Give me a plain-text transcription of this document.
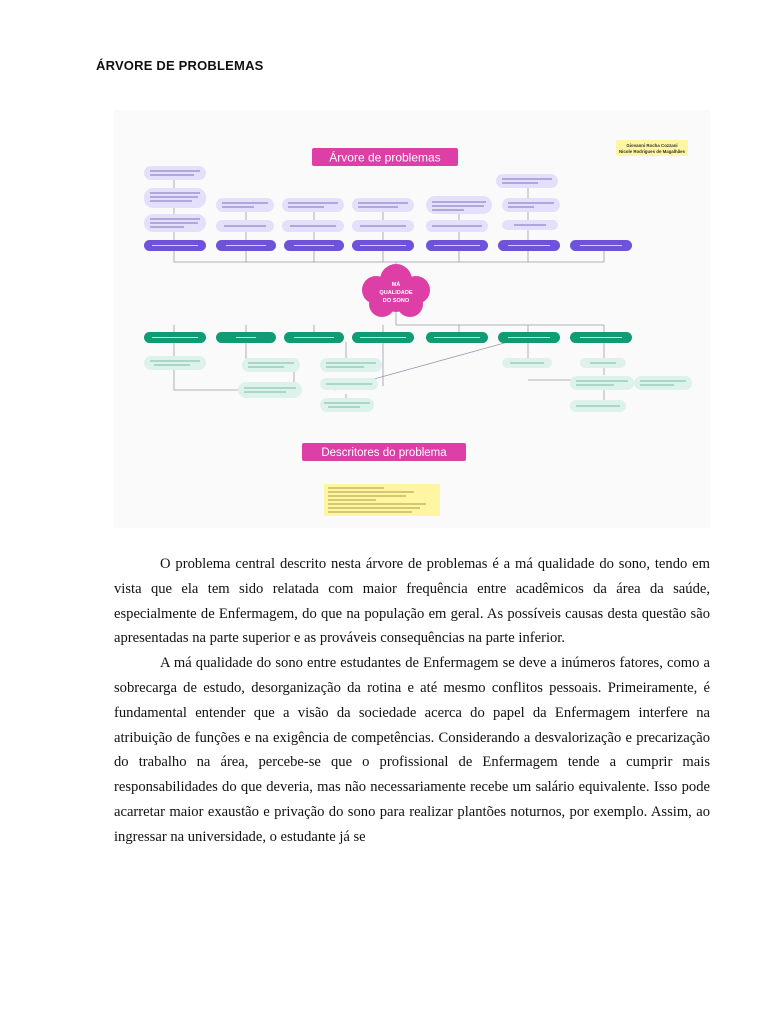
ÁRVORE DE PROBLEMAS
Árvore de problemas
Giovanni Rocha Cozzani
Nicole Rodrigues de Magalhães
MÁ
QUALIDADE
DO SONO
Descritores do problema

O problema central descrito nesta árvore de problemas é a má qualidade do sono, tendo em vista que ela tem sido relatada com maior frequência entre acadêmicos da área da saúde, especialmente de Enfermagem, do que na população em geral. As possíveis causas desta questão são apresentadas na parte superior e as prováveis consequências na parte inferior.

A má qualidade do sono entre estudantes de Enfermagem se deve a inúmeros fatores, como a sobrecarga de estudo, desorganização da rotina e até mesmo conflitos pessoais. Primeiramente, é fundamental entender que a visão da sociedade acerca do papel da Enfermagem interfere na atribuição de funções e na exigência de competências. Considerando a desvalorização e precarização do trabalho na área, percebe-se que o profissional de Enfermagem tende a cumprir mais responsabilidades do que deveria, mas não necessariamente recebe um salário equivalente. Isso pode acarretar maior exaustão e privação do sono para realizar plantões noturnos, por exemplo. Assim, ao ingressar na universidade, o estudante já se
